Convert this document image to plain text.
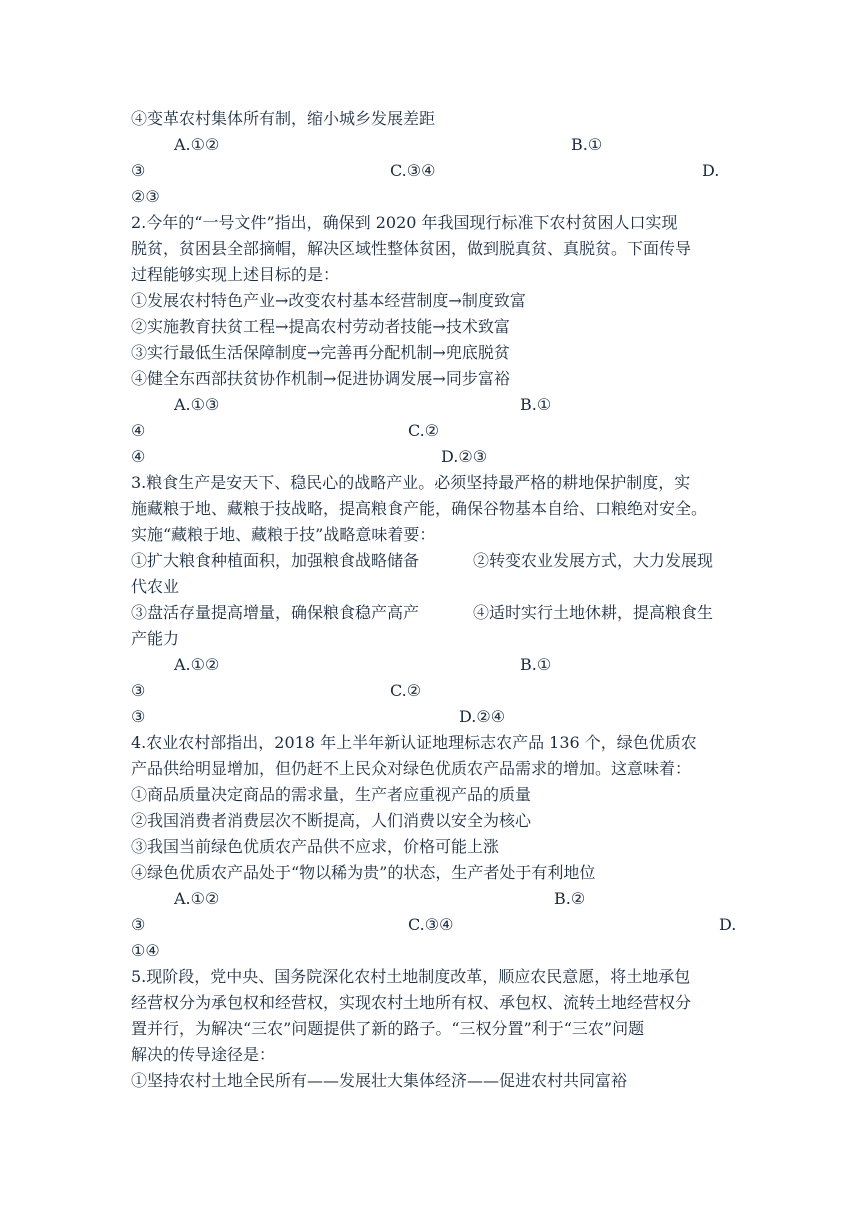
④变革农村集体所有制，缩小城乡发展差距
A.①②	B.①
③	C.③④	D.
②③
2.今年的“一号文件”指出，确保到 2020 年我国现行标准下农村贫困人口实现
脱贫，贫困县全部摘帽，解决区域性整体贫困，做到脱真贫、真脱贫。下面传导
过程能够实现上述目标的是：
①发展农村特色产业→改变农村基本经营制度→制度致富
②实施教育扶贫工程→提高农村劳动者技能→技术致富
③实行最低生活保障制度→完善再分配机制→兜底脱贫
④健全东西部扶贫协作机制→促进协调发展→同步富裕
A.①③	B.①
④	C.②
④	D.②③
3.粮食生产是安天下、稳民心的战略产业。必须坚持最严格的耕地保护制度，实
施藏粮于地、藏粮于技战略，提高粮食产能，确保谷物基本自给、口粮绝对安全。
实施“藏粮于地、藏粮于技”战略意味着要：
①扩大粮食种植面积，加强粮食战略储备	②转变农业发展方式，大力发展现
代农业
③盘活存量提高增量，确保粮食稳产高产	④适时实行土地休耕，提高粮食生
产能力
A.①②	B.①
③	C.②
③	D.②④
4.农业农村部指出，2018 年上半年新认证地理标志农产品 136 个，绿色优质农
产品供给明显增加，但仍赶不上民众对绿色优质农产品需求的增加。这意味着：
①商品质量决定商品的需求量，生产者应重视产品的质量
②我国消费者消费层次不断提高，人们消费以安全为核心
③我国当前绿色优质农产品供不应求，价格可能上涨
④绿色优质农产品处于“物以稀为贵”的状态，生产者处于有利地位
A.①②	B.②
③	C.③④	D.
①④
5.现阶段，党中央、国务院深化农村土地制度改革，顺应农民意愿，将土地承包
经营权分为承包权和经营权，实现农村土地所有权、承包权、流转土地经营权分
置并行，为解决“三农”问题提供了新的路子。“三权分置”利于“三农”问题
解决的传导途径是：
①坚持农村土地全民所有——发展壮大集体经济——促进农村共同富裕
